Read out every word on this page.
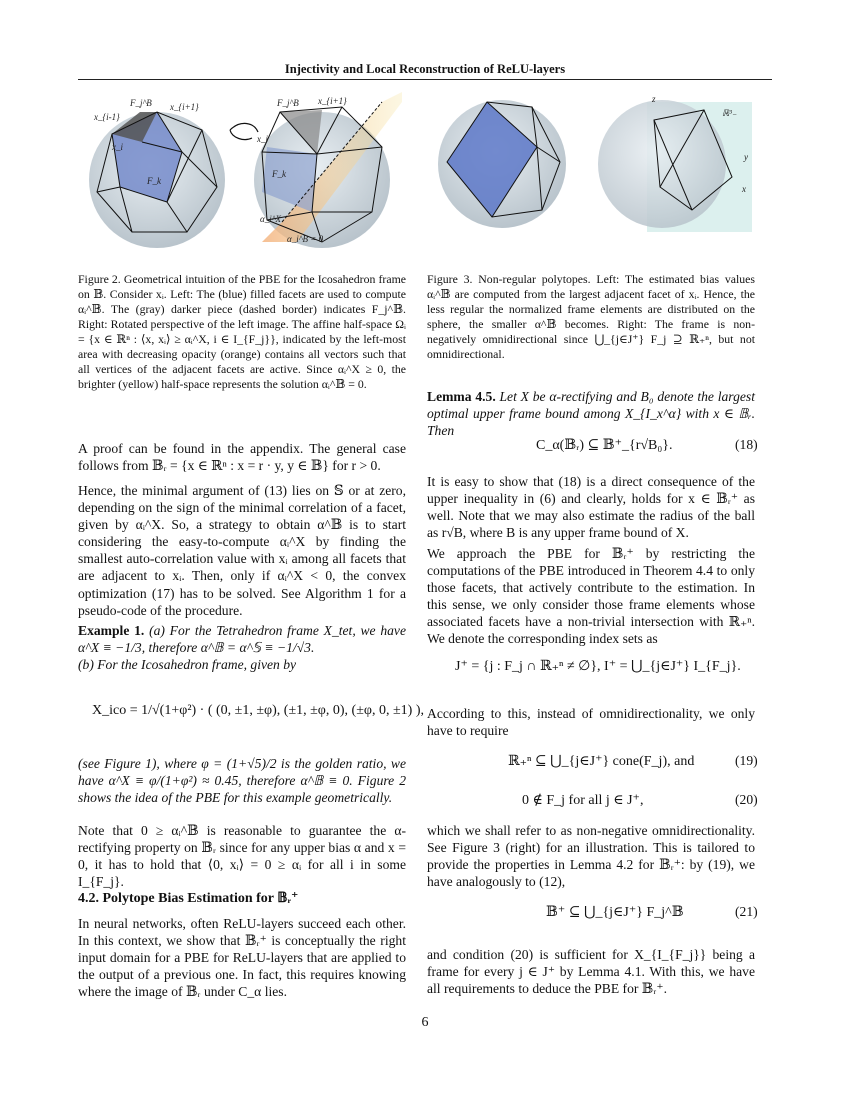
Injectivity and Local Reconstruction of ReLU-layers
x_{i-1}
F_j^B x_{i+1}
x_i
F_k
x_i
F_j^B x_{i+1}
F_k
α_i^X
α_i^B = 0
z
ℝ³₋
y
x
Figure 2. Geometrical intuition of the PBE for the Icosahedron frame on 𝔹. Consider xᵢ. Left: The (blue) filled facets are used to compute αᵢ^𝔹. The (gray) darker piece (dashed border) indicates F_j^𝔹. Right: Rotated perspective of the left image. The affine half-space Ωᵢ = {x ∈ ℝⁿ : ⟨x, xᵢ⟩ ≥ αᵢ^X, i ∈ I_{F_j}}, indicated by the left-most area with decreasing opacity (orange) contains all vectors such that all vertices of the adjacent facets are active. Since αᵢ^X ≥ 0, the brighter (yellow) half-space represents the solution αᵢ^𝔹 = 0.

A proof can be found in the appendix. The general case follows from 𝔹ᵣ = {x ∈ ℝⁿ : x = r · y, y ∈ 𝔹} for r > 0.

Hence, the minimal argument of (13) lies on 𝕊 or at zero, depending on the sign of the minimal correlation of a facet, given by αᵢ^X. So, a strategy to obtain α^𝔹 is to start considering the easy-to-compute αᵢ^X by finding the smallest auto-correlation value with xᵢ among all facets that are adjacent to xᵢ. Then, only if αᵢ^X < 0, the convex optimization (17) has to be solved. See Algorithm 1 for a pseudo-code of the procedure.

Example 1. (a) For the Tetrahedron frame X_tet, we have α^X ≡ −1/3, therefore α^𝔹 = α^𝕊 ≡ −1/√3.
(b) For the Icosahedron frame, given by
X_ico = 1/√(1+φ²) · ( (0, ±1, ±φ), (±1, ±φ, 0), (±φ, 0, ±1) ),

(see Figure 1), where φ = (1+√5)/2 is the golden ratio, we have α^X ≡ φ/(1+φ²) ≈ 0.45, therefore α^𝔹 ≡ 0. Figure 2 shows the idea of the PBE for this example geometrically.

Note that 0 ≥ αᵢ^𝔹 is reasonable to guarantee the α-rectifying property on 𝔹ᵣ since for any upper bias α and x = 0, it has to hold that ⟨0, xᵢ⟩ = 0 ≥ αᵢ for all i in some I_{F_j}.

4.2. Polytope Bias Estimation for 𝔹ᵣ⁺

In neural networks, often ReLU-layers succeed each other. In this context, we show that 𝔹ᵣ⁺ is conceptually the right input domain for a PBE for ReLU-layers that are applied to the output of a previous one. In fact, this requires knowing where the image of 𝔹ᵣ under C_α lies.

Figure 3. Non-regular polytopes. Left: The estimated bias values αᵢ^𝔹 are computed from the largest adjacent facet of xᵢ. Hence, the less regular the normalized frame elements are distributed on the sphere, the smaller α^𝔹 becomes. Right: The frame is non-negatively omnidirectional since ⋃_{j∈J⁺} F_j ⊇ ℝ₊ⁿ, but not omnidirectional.
Lemma 4.5. Let X be α-rectifying and B₀ denote the largest optimal upper frame bound among X_{I_x^α} with x ∈ 𝔹ᵣ. Then
C_α(𝔹ᵣ) ⊆ 𝔹⁺_{r√B₀}.	(18)

It is easy to show that (18) is a direct consequence of the upper inequality in (6) and clearly, holds for x ∈ 𝔹ᵣ⁺ as well. Note that we may also estimate the radius of the ball as r√B, where B is any upper frame bound of X.

We approach the PBE for 𝔹ᵣ⁺ by restricting the computations of the PBE introduced in Theorem 4.4 to only those facets, that actively contribute to the estimation. In this sense, we only consider those frame elements whose associated facets have a non-trivial intersection with ℝ₊ⁿ. We denote the corresponding index sets as

J⁺ = {j : F_j ∩ ℝ₊ⁿ ≠ ∅}, I⁺ = ⋃_{j∈J⁺} I_{F_j}.

According to this, instead of omnidirectionality, we only have to require

ℝ₊ⁿ ⊆ ⋃_{j∈J⁺} cone(F_j), and	(19)
0 ∉ F_j for all j ∈ J⁺,	(20)

which we shall refer to as non-negative omnidirectionality. See Figure 3 (right) for an illustration. This is tailored to provide the properties in Lemma 4.2 for 𝔹ᵣ⁺: by (19), we have analogously to (12),

𝔹⁺ ⊆ ⋃_{j∈J⁺} F_j^𝔹	(21)

and condition (20) is sufficient for X_{I_{F_j}} being a frame for every j ∈ J⁺ by Lemma 4.1. With this, we have all requirements to deduce the PBE for 𝔹ᵣ⁺.

6
